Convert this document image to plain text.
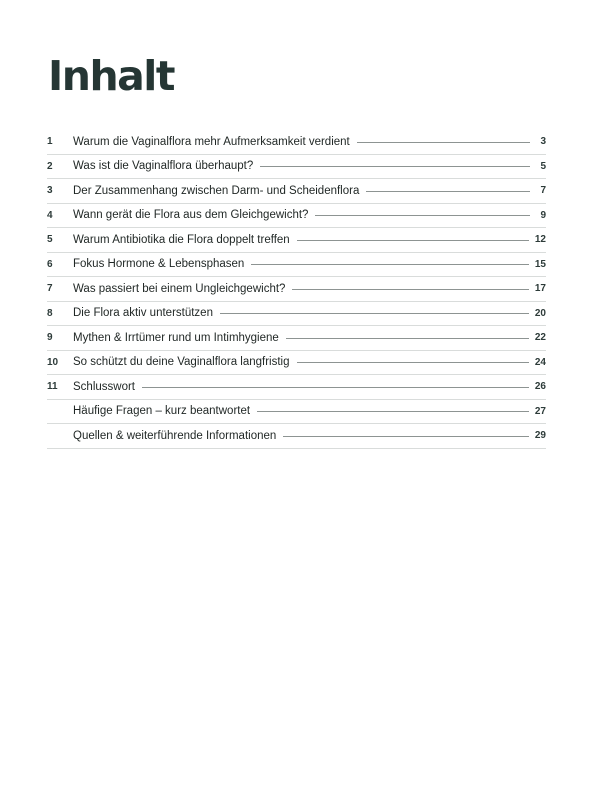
Inhalt
1	Warum die Vaginalflora mehr Aufmerksamkeit verdient	3
2	Was ist die Vaginalflora überhaupt?	5
3	Der Zusammenhang zwischen Darm- und Scheidenflora	7
4	Wann gerät die Flora aus dem Gleichgewicht?	9
5	Warum Antibiotika die Flora doppelt treffen	12
6	Fokus Hormone & Lebensphasen	15
7	Was passiert bei einem Ungleichgewicht?	17
8	Die Flora aktiv unterstützen	20
9	Mythen & Irrtümer rund um Intimhygiene	22
10	So schützt du deine Vaginalflora langfristig	24
11	Schlusswort	26
Häufige Fragen – kurz beantwortet	27
Quellen & weiterführende Informationen	29
